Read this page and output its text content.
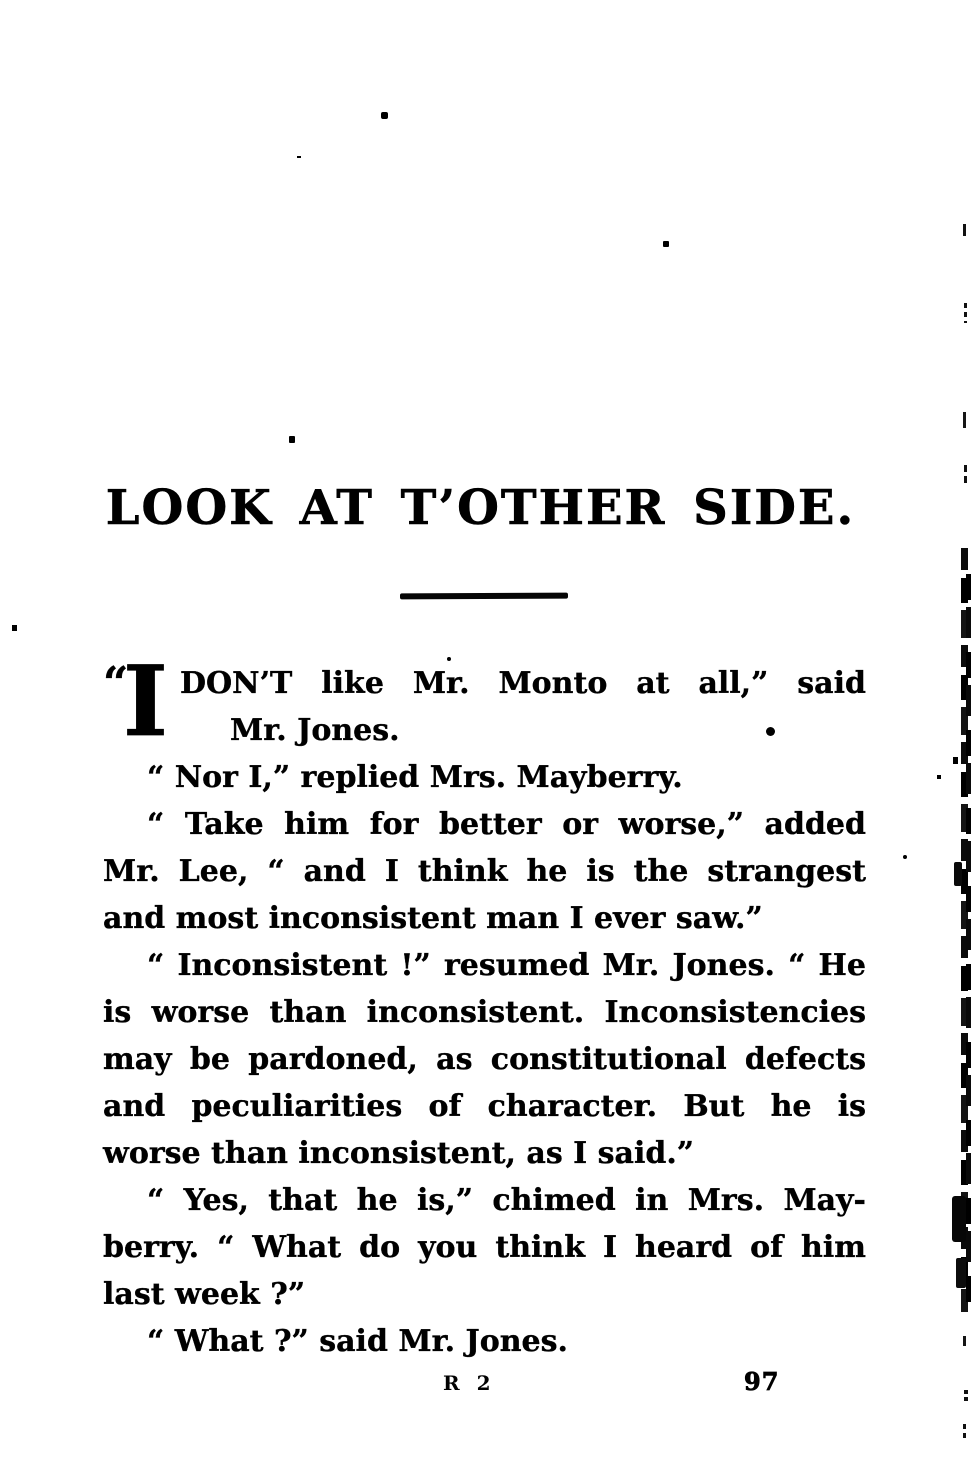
LOOK AT T’OTHER SIDE.
“
I DON’T like Mr. Monto at all,” said
Mr. Jones.
“ Nor I,” replied Mrs. Mayberry.
“ Take him for better or worse,” added
Mr. Lee, “ and I think he is the strangest
and most inconsistent man I ever saw.”
“ Inconsistent !” resumed Mr. Jones. “ He
is worse than inconsistent. Inconsistencies
may be pardoned, as constitutional defects
and peculiarities of character. But he is
worse than inconsistent, as I said.”
“ Yes, that he is,” chimed in Mrs. May-
berry. “ What do you think I heard of him
last week ?”
“ What ?” said Mr. Jones.
R 2	97
